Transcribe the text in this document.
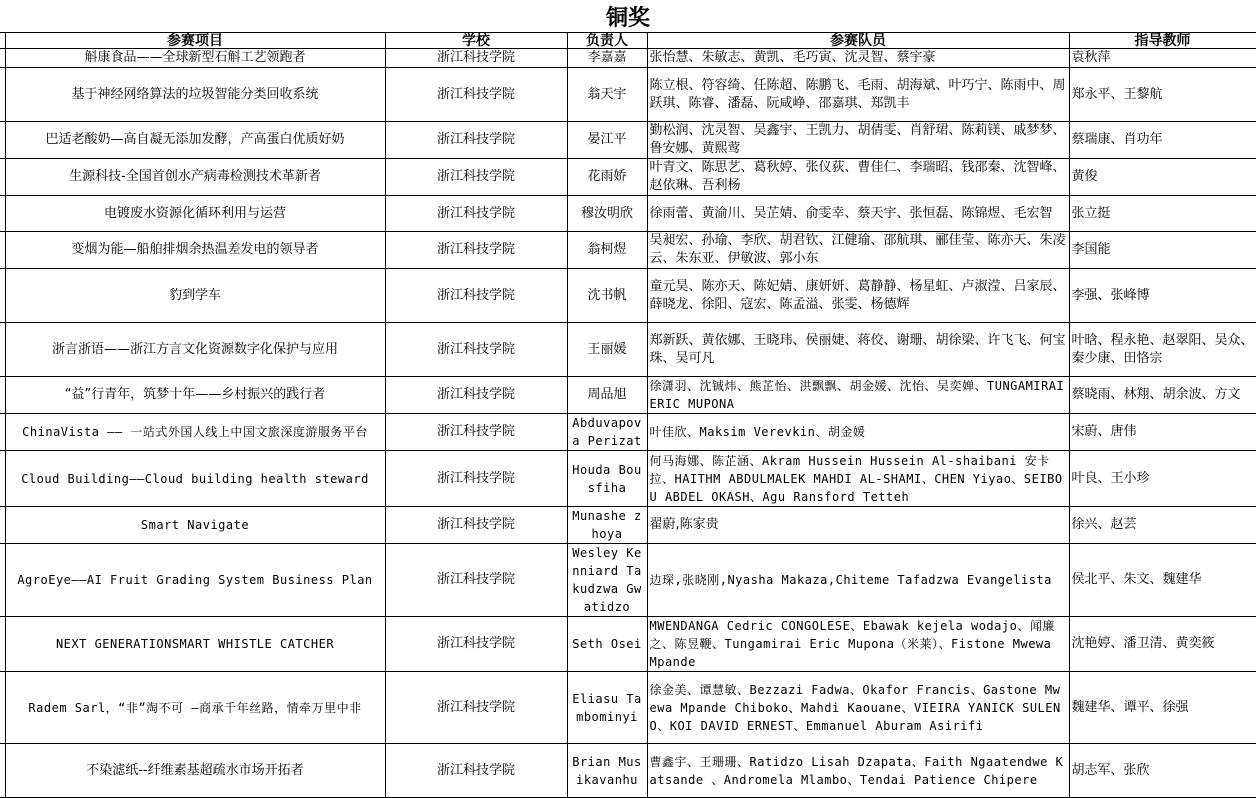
铜奖
	参赛项目	学校	负责人	参赛队员	指导教师
	斛康食品——全球新型石斛工艺领跑者	浙江科技学院	李嘉嘉	张怡慧、朱敏志、黄凯、毛巧寅、沈灵智、蔡宇豪	袁秋萍
	基于神经网络算法的垃圾智能分类回收系统	浙江科技学院	翁天宇	陈立根、符容绮、任陈超、陈鹏飞、毛雨、胡海斌、叶巧宁、陈雨中、周跃琪、陈睿、潘磊、阮咸峥、邵嘉琪、郑凯丰	郑永平、王黎航
	巴适老酸奶—高自凝无添加发酵，产高蛋白优质好奶	浙江科技学院	晏江平	勤松润、沈灵智、吴鑫宇、王凯力、胡倩雯、肖舒珺、陈莉镁、戚梦梦、鲁安娜、黄熙莺	蔡瑞康、肖功年
	生源科技-全国首创水产病毒检测技术革新者	浙江科技学院	花雨娇	叶青文、陈思艺、葛秋婷、张仪荻、曹佳仁、李瑞昭、钱邵秦、沈智峰、赵依琳、吾利杨	黄俊
	电镀废水资源化循环利用与运营	浙江科技学院	穆汝明欣	徐雨蕾、黄渝川、吴芷婧、俞雯幸、蔡天宇、张恒磊、陈锦煜、毛宏智	张立挺
	变烟为能—船舶排烟余热温差发电的领导者	浙江科技学院	翁柯煜	吴昶宏、孙瑜、李欣、胡君钦、江健瑜、邵航琪、郦佳莹、陈亦天、朱凌云、朱东亚、伊敏波、郭小东	李国能
	豹到学车	浙江科技学院	沈书帆	童元昊、陈亦天、陈妃婧、康妍妍、葛静静、杨星虹、卢淑滢、吕家辰、薛晓龙、徐阳、寇宏、陈孟溢、张雯、杨德辉	李强、张峰博
	浙言浙语——浙江方言文化资源数字化保护与应用	浙江科技学院	王丽媛	郑新跃、黄依娜、王晓玮、侯丽婕、蒋佼、谢珊、胡徐梁、许飞飞、何宝珠、吴可凡	叶晗、程永艳、赵翠阳、吴众、秦少康、田恪宗
	“益”行青年，筑梦十年——乡村振兴的践行者	浙江科技学院	周品旭	徐潇羽、沈铖炜、熊芷怡、洪飘飘、胡金媛、沈怡、吴奕婵、TUNGAMIRAI ERIC MUPONA	蔡晓雨、林翔、胡余波、方文
	ChinaVista —— 一站式外国人线上中国文旅深度游服务平台	浙江科技学院	Abduvapova Perizat	叶佳欣、Maksim Verevkin、胡金媛	宋蔚、唐伟
	Cloud Building——Cloud building health steward	浙江科技学院	Houda Bousfiha	何马海娜、陈芷涵、Akram Hussein Hussein Al-shaibani 安卡拉、HAITHM ABDULMALEK MAHDI AL-SHAMI、CHEN Yiyao、SEIBOU ABDEL OKASH、Agu Ransford Tetteh	叶良、王小珍
	Smart Navigate	浙江科技学院	Munashe zhoya	翟蔚,陈家贵	徐兴、赵芸
	AgroEye——AI Fruit Grading System Business Plan	浙江科技学院	Wesley Kenniard Takudzwa Gwatidzo	边琛,张晓刚,Nyasha Makaza,Chiteme Tafadzwa Evangelista	侯北平、朱文、魏建华
	NEXT GENERATIONSMART WHISTLE CATCHER	浙江科技学院	Seth Osei	MWENDANGA Cedric CONGOLESE、Ebawak kejela wodajo、闻廉之、陈昱鞭、Tungamirai Eric Mupona（米莱）、Fistone Mwewa Mpande	沈艳婷、潘卫清、黄奕筱
	Radem Sarl，“非”淘不可 —商承千年丝路，情牵万里中非	浙江科技学院	Eliasu Tambominyi	徐金美、谭慧敏、Bezzazi Fadwa、Okafor Francis、Gastone Mwewa Mpande Chiboko、Mahdi Kaouane、VIEIRA YANICK SULENO、KOI DAVID ERNEST、Emmanuel Aburam Asirifi	魏建华、谭平、徐强
	不染滤纸--纤维素基超疏水市场开拓者	浙江科技学院	Brian Musikavanhu	曹鑫宇、王珊珊、Ratidzo Lisah Dzapata、Faith Ngaatendwe Katsande 、Andromela Mlambo、Tendai Patience Chipere	胡志军、张欣
